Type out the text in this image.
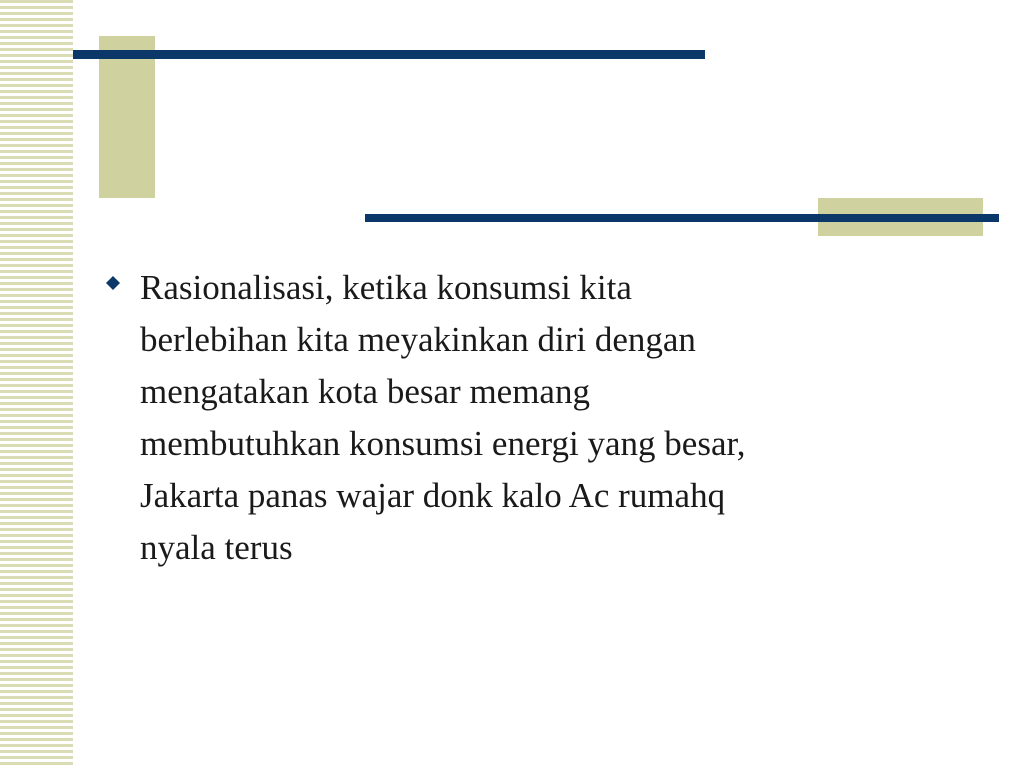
Rasionalisasi, ketika konsumsi kita
berlebihan kita meyakinkan diri dengan
mengatakan kota besar memang
membutuhkan konsumsi energi yang besar,
Jakarta panas wajar donk kalo Ac rumahq
nyala terus
